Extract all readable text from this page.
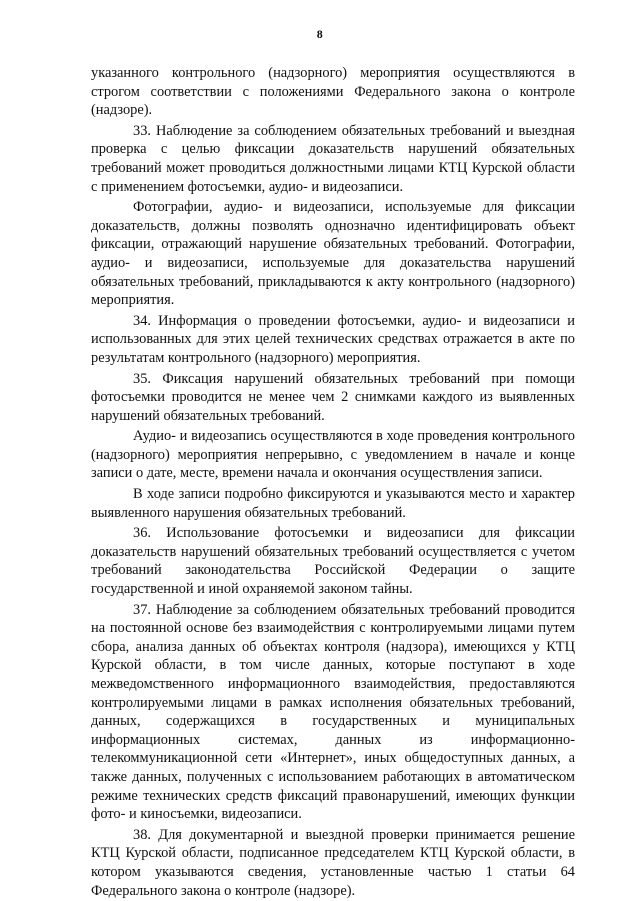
8

указанного контрольного (надзорного) мероприятия осуществляются в строгом соответствии с положениями Федерального закона о контроле (надзоре).

33. Наблюдение за соблюдением обязательных требований и выездная проверка с целью фиксации доказательств нарушений обязательных требований может проводиться должностными лицами КТЦ Курской области с применением фотосъемки, аудио- и видеозаписи.

Фотографии, аудио- и видеозаписи, используемые для фиксации доказательств, должны позволять однозначно идентифицировать объект фиксации, отражающий нарушение обязательных требований. Фотографии, аудио- и видеозаписи, используемые для доказательства нарушений обязательных требований, прикладываются к акту контрольного (надзорного) мероприятия.

34. Информация о проведении фотосъемки, аудио- и видеозаписи и использованных для этих целей технических средствах отражается в акте по результатам контрольного (надзорного) мероприятия.

35. Фиксация нарушений обязательных требований при помощи фотосъемки проводится не менее чем 2 снимками каждого из выявленных нарушений обязательных требований.

Аудио- и видеозапись осуществляются в ходе проведения контрольного (надзорного) мероприятия непрерывно, с уведомлением в начале и конце записи о дате, месте, времени начала и окончания осуществления записи.

В ходе записи подробно фиксируются и указываются место и характер выявленного нарушения обязательных требований.

36. Использование фотосъемки и видеозаписи для фиксации доказательств нарушений обязательных требований осуществляется с учетом требований законодательства Российской Федерации о защите государственной и иной охраняемой законом тайны.

37. Наблюдение за соблюдением обязательных требований проводится на постоянной основе без взаимодействия с контролируемыми лицами путем сбора, анализа данных об объектах контроля (надзора), имеющихся у КТЦ Курской области, в том числе данных, которые поступают в ходе межведомственного информационного взаимодействия, предоставляются контролируемыми лицами в рамках исполнения обязательных требований, данных, содержащихся в государственных и муниципальных информационных системах, данных из информационно-телекоммуникационной сети «Интернет», иных общедоступных данных, а также данных, полученных с использованием работающих в автоматическом режиме технических средств фиксаций правонарушений, имеющих функции фото- и киносъемки, видеозаписи.

38. Для документарной и выездной проверки принимается решение КТЦ Курской области, подписанное председателем КТЦ Курской области, в котором указываются сведения, установленные частью 1 статьи 64 Федерального закона о контроле (надзоре).
